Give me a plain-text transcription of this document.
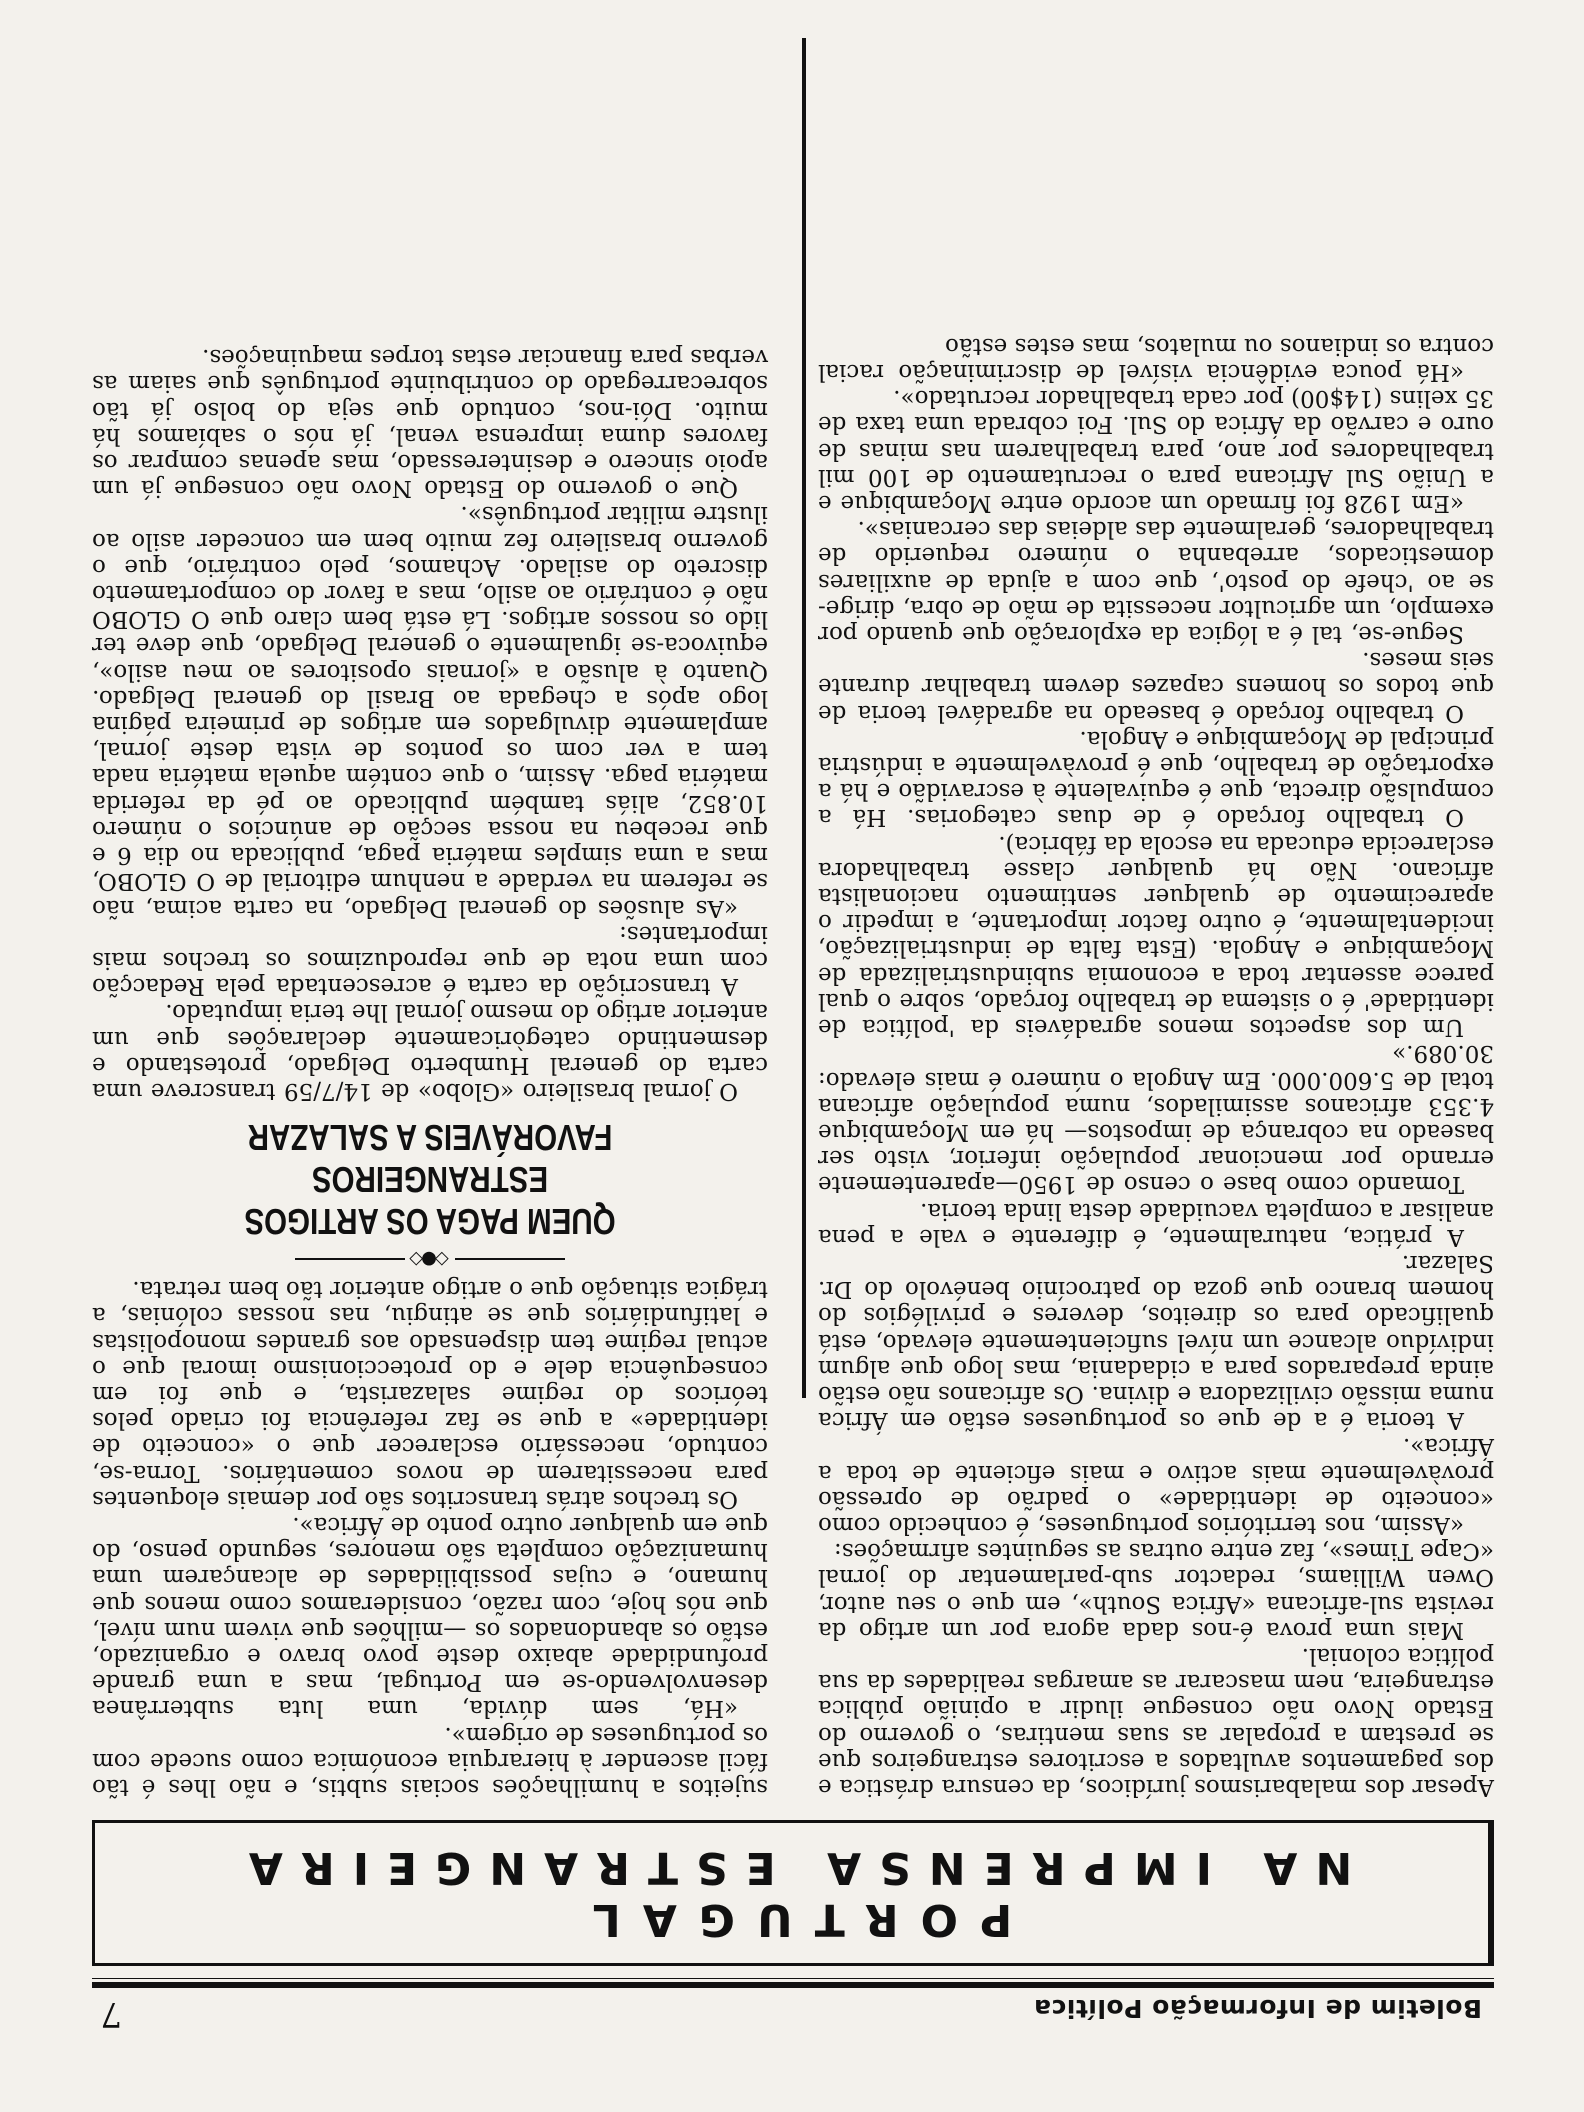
Boletim de Informação Política
7
PORTUGAL
NA IMPRENSA ESTRANGEIRA

Apesar dos malabarismos jurídicos, da censura drástica e dos pagamentos avultados a escritores estrangeiros que se prestam a propalar as suas mentiras, o governo do Estado Novo não consegue iludir a opinião pública estrangeira, nem mascarar as amargas realidades da sua política colonial.

Mais uma prova é-nos dada agora por um artigo da revista sul-africana «Africa South», em que o seu autor, Owen Williams, redactor sub-parlamentar do jornal «Cape Times», faz entre outras as seguintes afirmações:

«Assim, nos territórios portugueses, é conhecido como «conceito de identidade» o padrão de opressão provàvelmente mais activo e mais eficiente de toda a África».

A teoria é a de que os portugueses estão em África numa missão civilizadora e divina. Os africanos não estão ainda preparados para a cidadania, mas logo que algum indivíduo alcance um nível suficientemente elevado, está qualificado para os direitos, deveres e privilégios do homem branco que goza do patrocínio benévolo do Dr. Salazar.

A prática, naturalmente, é diferente e vale a pena analisar a completa vacuidade desta linda teoria.

Tomando como base o censo de 1950—aparentemente errando por mencionar população inferior, visto ser baseado na cobrança de impostos— há em Moçambique 4.353 africanos assimilados, numa população africana total de 5.600.000. Em Angola o número é mais elevado: 30.089.»

Um dos aspectos menos agradáveis da 'política de identidade' é o sistema de trabalho forçado, sobre o qual parece assentar toda a economia subindustrializada de Moçambique e Angola. (Esta falta de industrialização, incidentalmente, é outro factor importante, a impedir o aparecimento de qualquer sentimento nacionalista africano. Não há qualquer classe trabalhadora esclarecida educada na escola da fábrica).

O trabalho forçado é de duas categorias. Há a compulsão directa, que é equivalente à escravidão e há a exportação de trabalho, que é provàvelmente a indústria principal de Moçambique e Angola.

O trabalho forçado é baseado na agradável teoria de que todos os homens capazes devem trabalhar durante seis meses.

Segue-se, tal é a lógica da exploração que quando por exemplo, um agricultor necessita de mão de obra, dirige-se ao 'chefe do posto', que com a ajuda de auxiliares domesticados, arrebanha o número requerido de trabalhadores, geralmente das aldeias das cercanias».

«Em 1928 foi firmado um acordo entre Moçambique e a União Sul Africana para o recrutamento de 100 mil trabalhadores por ano, para trabalharem nas minas de ouro e carvão da África do Sul. Foi cobrada uma taxa de 35 xelins (14$00) por cada trabalhador recrutado».

«Há pouca evidência visível de discriminação racial contra os indianos ou mulatos, mas estes estão

sujeitos a humilhações sociais subtis, e não lhes é tão fácil ascender à hierarquia económica como sucede com os portugueses de origem».

«Há, sem dúvida, uma luta subterrânea desenvolvendo-se em Portugal, mas a uma grande profundidade abaixo deste povo bravo e organizado, estão os abandonados os —milhões que vivem num nível, que nós hoje, com razão, consideramos como menos que humano, e cujas possibilidades de alcançarem uma humanização completa são menores, segundo penso, do que em qualquer outro ponto de África».

Os trechos atrás transcritos são por demais eloquentes para necessitarem de novos comentários. Torna-se, contudo, necessário esclarecer que o «conceito de identidade» a que se faz referência foi criado pelos teóricos do regime salazarista, e que foi em consequência dele e do proteccionismo imoral que o actual regime tem dispensado aos grandes monopolistas e latifundiários que se atingiu, nas nossas colónias, a trágica situação que o artigo anterior tão bem retrata.

◇●◇
QUEM PAGA OS ARTIGOS ESTRANGEIROS
FAVORÁVEIS A SALAZAR

O jornal brasileiro «Globo» de 14/7/59 transcreve uma carta do general Humberto Delgado, protestando e desmentindo categòricamente declarações que um anterior artigo do mesmo jornal lhe teria imputado.

A transcrição da carta é acrescentada pela Redacção com uma nota de que reproduzimos os trechos mais importantes:

«As alusões do general Delgado, na carta acima, não se referem na verdade a nenhum editorial de O GLOBO, mas a uma simples matéria paga, publicada no dia 6 e que recebeu na nossa secção de anúncios o número 10.852, aliás também publicado ao pé da referida matéria paga. Assim, o que contém aquela matéria nada tem a ver com os pontos de vista deste jornal, amplamente divulgados em artigos de primeira página logo após a chegada ao Brasil do general Delgado. Quanto à alusão a «jornais opositores ao meu asilo», equivoca-se igualmente o general Delgado, que deve ter lido os nossos artigos. Lá está bem claro que O GLOBO não é contrário ao asilo, mas a favor do comportamento discreto do asilado. Achamos, pelo contrário, que o governo brasileiro fez muito bem em conceder asilo ao ilustre militar português».

Que o governo do Estado Novo não consegue já um apoio sincero e desinteressado, mas apenas comprar os favores duma imprensa venal, já nós o sabíamos há muito. Dói-nos, contudo que seja do bolso já tão sobrecarregado do contribuinte português que saiam as verbas para financiar estas torpes maquinações.
